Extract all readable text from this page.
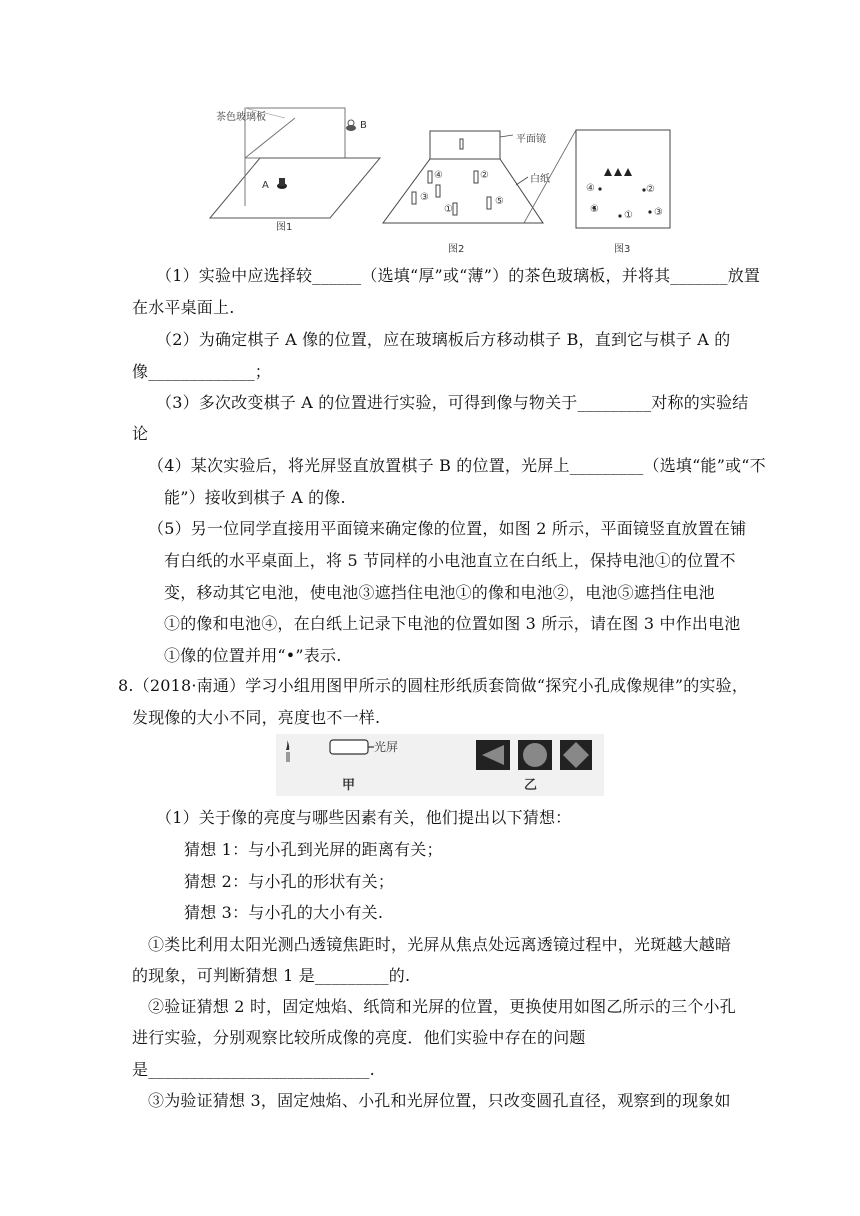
茶色玻璃板
A
B
图1
平面镜
白纸
④	②
③	⑤
①
图2
④	②
⑤
① ③
图3
（1）实验中应选择较______（选填“厚”或“薄”）的茶色玻璃板，并将其_______放置
在水平桌面上.
（2）为确定棋子 A 像的位置，应在玻璃板后方移动棋子 B，直到它与棋子 A 的
像_____________；
（3）多次改变棋子 A 的位置进行实验，可得到像与物关于_________对称的实验结
论
（4）某次实验后，将光屏竖直放置棋子 B 的位置，光屏上_________（选填“能”或“不
能”）接收到棋子 A 的像.
（5）另一位同学直接用平面镜来确定像的位置，如图 2 所示，平面镜竖直放置在铺
有白纸的水平桌面上，将 5 节同样的小电池直立在白纸上，保持电池①的位置不
变，移动其它电池，使电池③遮挡住电池①的像和电池②，电池⑤遮挡住电池
①的像和电池④，在白纸上记录下电池的位置如图 3 所示，请在图 3 中作出电池
①像的位置并用“•”表示.
8.（2018·南通）学习小组用图甲所示的圆柱形纸质套筒做“探究小孔成像规律”的实验，
发现像的大小不同，亮度也不一样.
光屏
甲	乙
（1）关于像的亮度与哪些因素有关，他们提出以下猜想：
猜想 1：与小孔到光屏的距离有关；
猜想 2：与小孔的形状有关；
猜想 3：与小孔的大小有关.
①类比利用太阳光测凸透镜焦距时，光屏从焦点处远离透镜过程中，光斑越大越暗
的现象，可判断猜想 1 是_________的.
②验证猜想 2 时，固定烛焰、纸筒和光屏的位置，更换使用如图乙所示的三个小孔
进行实验，分别观察比较所成像的亮度．他们实验中存在的问题
是___________________________.
③为验证猜想 3，固定烛焰、小孔和光屏位置，只改变圆孔直径，观察到的现象如
